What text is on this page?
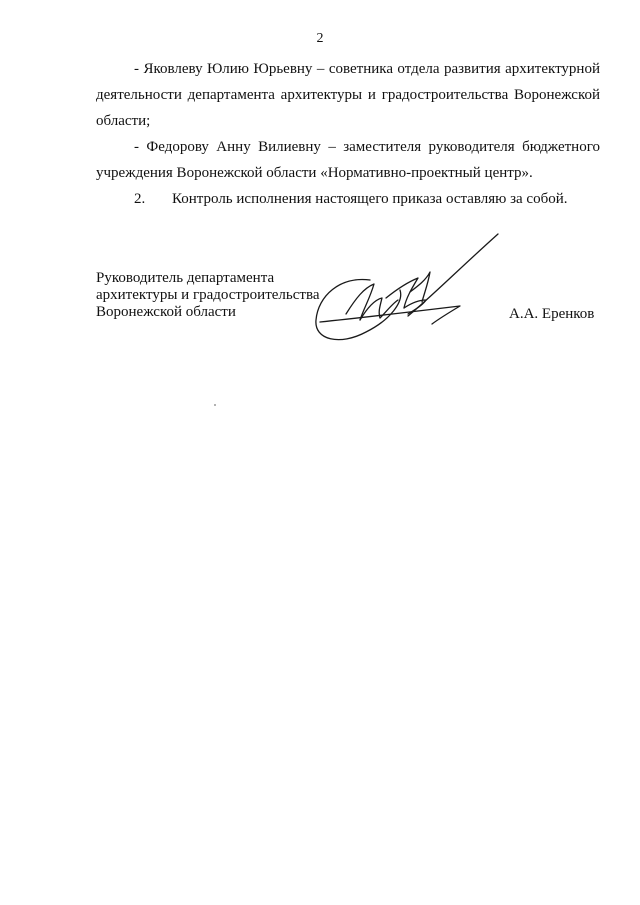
2

- Яковлеву Юлию Юрьевну – советника отдела развития архитектурной деятельности департамента архитектуры и градостроительства Воронежской области;

- Федорову Анну Вилиевну – заместителя руководителя бюджетного учреждения Воронежской области «Нормативно-проектный центр».

2.	Контроль исполнения настоящего приказа оставляю за собой.

Руководитель департамента
архитектуры и градостроительства
Воронежской области	А.А. Еренков
